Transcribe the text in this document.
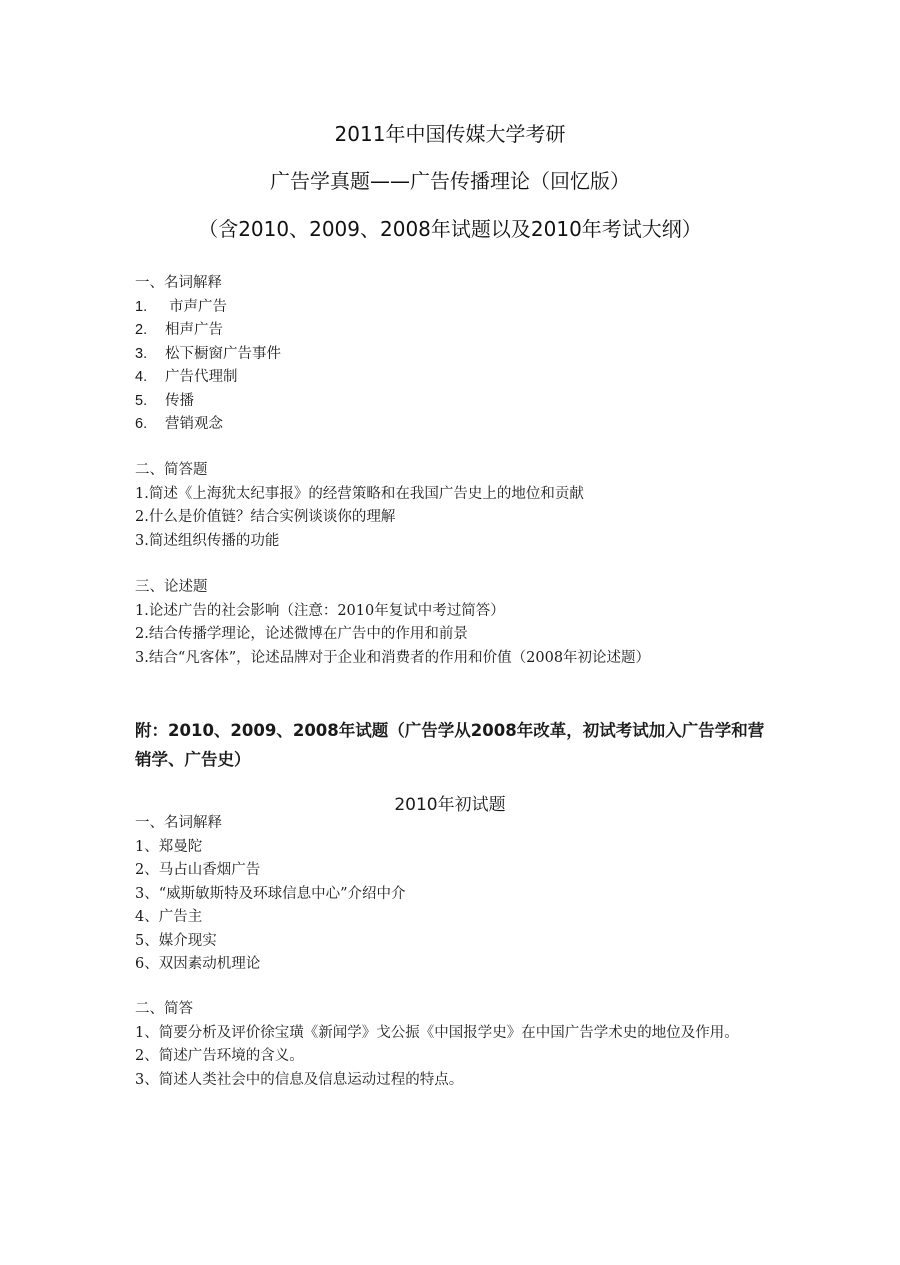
2011年中国传媒大学考研
广告学真题——广告传播理论（回忆版）
（含2010、2009、2008年试题以及2010年考试大纲）
一、名词解释
1.	市声广告
2.	相声广告
3.	松下橱窗广告事件
4.	广告代理制
5.	传播
6.	营销观念
二、简答题
1.简述《上海犹太纪事报》的经营策略和在我国广告史上的地位和贡献
2.什么是价值链？结合实例谈谈你的理解
3.简述组织传播的功能
三、论述题
1.论述广告的社会影响（注意：2010年复试中考过简答）
2.结合传播学理论，论述微博在广告中的作用和前景
3.结合“凡客体”，论述品牌对于企业和消费者的作用和价值（2008年初论述题）
附：2010、2009、2008年试题（广告学从2008年改革，初试考试加入广告学和营销学、广告史）
2010年初试题
一、名词解释
1、郑曼陀
2、马占山香烟广告
3、“威斯敏斯特及环球信息中心”介绍中介
4、广告主
5、媒介现实
6、双因素动机理论
二、简答
1、简要分析及评价徐宝璜《新闻学》戈公振《中国报学史》在中国广告学术史的地位及作用。
2、简述广告环境的含义。
3、简述人类社会中的信息及信息运动过程的特点。
